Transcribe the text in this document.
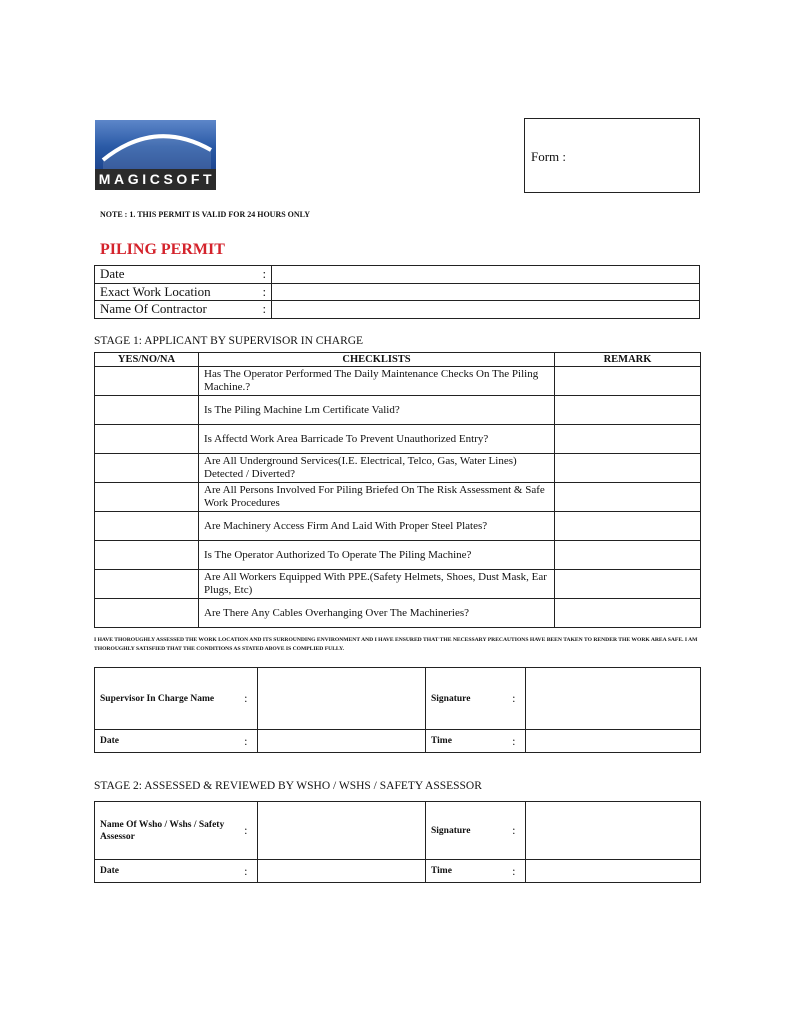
MAGICSOFT
Form :
NOTE : 1. THIS PERMIT IS VALID FOR 24 HOURS ONLY
PILING PERMIT
Date	:	
Exact Work Location	:	
Name Of Contractor	:	
STAGE 1: APPLICANT BY SUPERVISOR IN CHARGE
YES/NO/NA	CHECKLISTS	REMARK
	Has The Operator Performed The Daily Maintenance Checks On The Piling Machine.?	
	Is The Piling Machine Lm Certificate Valid?	
	Is Affectd Work Area Barricade To Prevent Unauthorized Entry?	
	Are All Underground Services(I.E. Electrical, Telco, Gas, Water Lines) Detected / Diverted?	
	Are All Persons Involved For Piling Briefed On The Risk Assessment & Safe Work Procedures	
	Are Machinery Access Firm And Laid With Proper Steel Plates?	
	Is The Operator Authorized To Operate The Piling Machine?	
	Are All Workers Equipped With PPE.(Safety Helmets, Shoes, Dust Mask, Ear Plugs, Etc)	
	Are There Any Cables Overhanging Over The Machineries?	
I HAVE THOROUGHLY ASSESSED THE WORK LOCATION AND ITS SURROUNDING ENVIRONMENT AND I HAVE ENSURED THAT THE NECESSARY PRECAUTIONS HAVE BEEN TAKEN TO RENDER THE WORK AREA SAFE. I AM THOROUGHLY SATISFIED THAT THE CONDITIONS AS STATED ABOVE IS COMPLIED FULLY.
Supervisor In Charge Name	:		Signature	:	
Date	:		Time	:	
STAGE 2: ASSESSED & REVIEWED BY WSHO / WSHS / SAFETY ASSESSOR
Name Of Wsho / Wshs / Safety Assessor	:		Signature	:	
Date	:		Time	:	
